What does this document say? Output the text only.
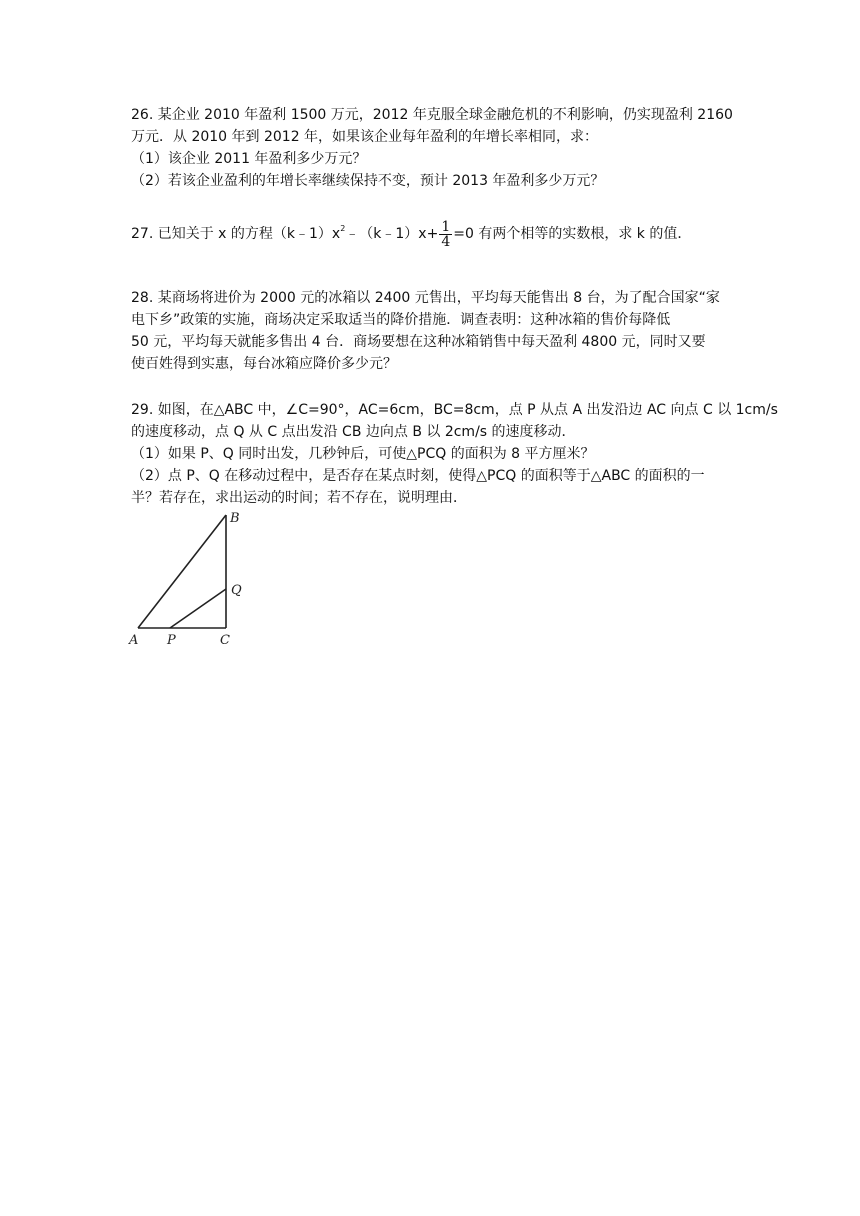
26. 某企业 2010 年盈利 1500 万元，2012 年克服全球金融危机的不利影响，仍实现盈利 2160
万元．从 2010 年到 2012 年，如果该企业每年盈利的年增长率相同，求：
（1）该企业 2011 年盈利多少万元？
（2）若该企业盈利的年增长率继续保持不变，预计 2013 年盈利多少万元？
27. 已知关于 x 的方程$(k﹣1)x^2﹣(k﹣1)x+ \frac{1}{4} =0$ 有两个相等的实数根，求 k 的值．
28. 某商场将进价为 2000 元的冰箱以 2400 元售出，平均每天能售出 8 台，为了配合国家“家
电下乡”政策的实施，商场决定采取适当的降价措施．调查表明：这种冰箱的售价每降低
50 元，平均每天就能多售出 4 台．商场要想在这种冰箱销售中每天盈利 4800 元，同时又要
使百姓得到实惠，每台冰箱应降价多少元？
29. 如图，在△ABC 中，∠C=90°，AC=6cm，BC=8cm，点 P 从点 A 出发沿边 AC 向点 C 以 1cm/s
的速度移动，点 Q 从 C 点出发沿 CB 边向点 B 以 2cm/s 的速度移动．
（1）如果 P、Q 同时出发，几秒钟后，可使△PCQ 的面积为 8 平方厘米？
（2）点 P、Q 在移动过程中，是否存在某点时刻，使得△PCQ 的面积等于△ABC 的面积的一
半？若存在，求出运动的时间；若不存在，说明理由．
B
Q
A P	C
